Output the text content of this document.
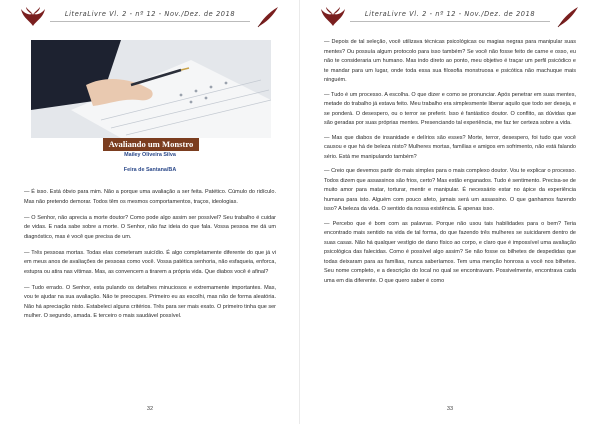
LiteraLivre Vl. 2 - nº 12 - Nov./Dez. de 2018
Avaliando um Monstro
Mailey Oliveira Silva
Feira de Santana/BA

— É isso. Está óbvio para mim. Não a porque uma avaliação a ser feita. Patético. Cúmulo do ridículo. Mas não pretendo demorar. Todos têm os mesmos comportamentos, traços, ideologias.

— O Senhor, não aprecia a morte doutor? Como pode algo assim ser possível? Seu trabalho é cuidar de vidas. E nada sabe sobre a morte. O Senhor, não faz ideia do que fala. Vossa pessoa me dá um diagnóstico, mas é você que precisa de um.

— Três pessoas mortas. Todas elas cometeram suicídio. É algo completamente diferente do que já vi em meus anos de avaliações de pessoas como você. Vossa patética senhoria, não esfaqueia, enforca, estupra ou atira nas vítimas. Mas, as convencem a tirarem a própria vida. Que diabos você é afinal?

— Tudo errado. O Senhor, esta pulando os detalhes minuciosos e extremamente importantes. Mas, vou te ajudar na sua avaliação. Não te preocupes. Primeiro eu as escolhi, mas não de forma aleatória. Não há apreciação nisto. Estabeleci alguns critérios. Três para ser mais exato. O primeiro tinha que ser mulher. O segundo, amada. E terceiro o mais saudável possível.

32
LiteraLivre Vl. 2 - nº 12 - Nov./Dez. de 2018

— Depois de tal seleção, você utilizava técnicas psicológicas ou magias negras para manipular suas mentes? Ou possuía algum protocolo para isso também? Se você não fosse feito de carne e osso, eu não te consideraria um humano. Mas indo direto ao ponto, meu objetivo é traçar um perfil psicódico e te mandar para um lugar, onde toda essa sua filosofia monstruosa e psicótica não machuque mais ninguém.

— Tudo é um processo. A escolha. O que dizer e como se pronunciar. Após penetrar em suas mentes, metade do trabalho já estava feito. Meu trabalho era simplesmente liberar aquilo que todo ser deseja, e se ponderá. O desespero, ou o terror se preferir. Isso é fantástico doutor. O conflito, as dúvidas que são geradas por suas próprias mentes. Presenciando tal experiência, me faz ter certeza sobre a vida.

— Mas que diabos de insanidade e delírios são esses? Morte, terror, desespero, foi tudo que você causou e que há de beleza nisto? Mulheres mortas, famílias e amigos em sofrimento, não está falando sério. Está me manipulando também?

— Creio que devemos partir do mais simples para o mais complexo doutor. Vou te explicar o processo. Todos dizem que assassinos são frios, certo? Mas estão enganados. Tudo é sentimento. Precisa-se de muito amor para matar, torturar, mentir e manipular. É necessário estar no ápice da experiência humana para isto. Alguém com pouco afeto, jamais será um assassino. O que ganhamos fazendo isso? A beleza da vida. O sentido da nossa existência. É apenas isso.

— Percebo que é bom com as palavras. Porque não usou tais habilidades para o bem? Teria encontrado mais sentido na vida de tal forma, do que fazendo três mulheres se suicidarem dentro de suas casas. Não há qualquer vestígio de dano físico ao corpo, e claro que é impossível uma avaliação psicológica das falecidas. Como é possível algo assim? Se não fosse os bilhetes de despedidas que todas deixaram para as famílias, nunca saberíamos. Tem uma menção honrosa a você nos bilhetes. Seu nome completo, e a descrição do local no qual se encontravam. Possivelmente, encontrava cada uma em dia diferente. O que quero saber é como

33
